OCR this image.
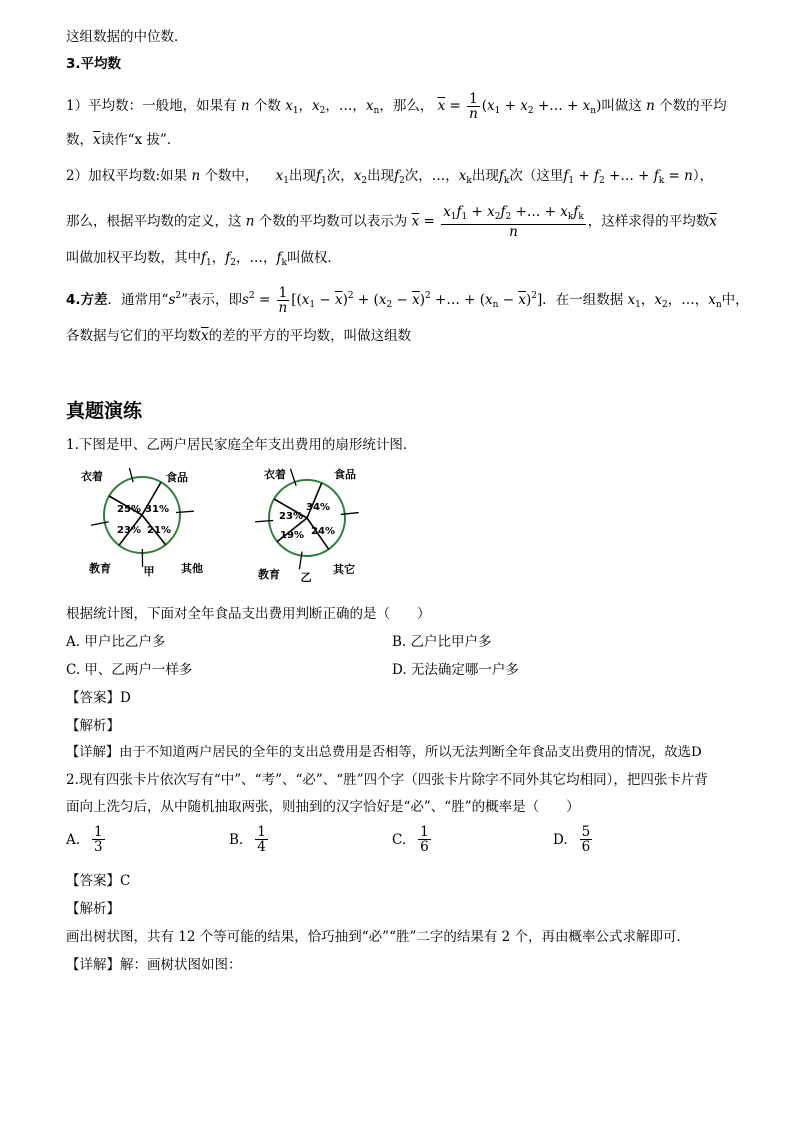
这组数据的中位数．
3.平均数
1）平均数：一般地，如果有 n 个数 $x_1$，$x_2$，…，$x_n$，那么， $\overline{x} = \frac{1}{n} (x_1 + x_2$ +… + $x_n$)叫做这 n 个数的平均
数，$\overline{x}$读作“x 拔”．
2）加权平均数:如果 n 个数中， $x_1$出现$f_1$次，$x_2$出现$f_2$次，…，$x_k$出现$f_k$次（这里$f_1 + f_2$ +… + $f_k = n$），
那么，根据平均数的定义，这 n 个数的平均数可以表示为 $\overline{x} = \frac{x_1f_1 + x_2f_2 +\dots + x_kf_k}{n}$ ，这样求得的平均数$\overline{x}$
叫做加权平均数，其中$f_1$，$f_2$，…，$f_k$叫做权．
4.方差．通常用“$s^2$”表示，即$s^2 = \frac{1}{n} [(x_1 - \overline{x})^2 + (x_2 - \overline{x})^2$ +… + $(x_n - \overline{x})^2$]．在一组数据 $x_1$，$x_2$，…，$x_n$中，
各数据与它们的平均数$\overline{x}$的差的平方的平均数，叫做这组数
真题演练
1.下图是甲、乙两户居民家庭全年支出费用的扇形统计图．
25%
衣着
31%
食品
21%
其他
23%
教育	甲
23%
衣着
34%
食品
24%
其它
19%
教育 乙
根据统计图，下面对全年食品支出费用判断正确的是（　　）
A. 甲户比乙户多	B. 乙户比甲户多
C. 甲、乙两户一样多	D. 无法确定哪一户多
【答案】D
【解析】
【详解】由于不知道两户居民的全年的支出总费用是否相等，所以无法判断全年食品支出费用的情况，故选D
2.现有四张卡片依次写有“中”、“考”、“必”、“胜”四个字（四张卡片除字不同外其它均相同），把四张卡片背
面向上洗匀后，从中随机抽取两张，则抽到的汉字恰好是“必”、“胜”的概率是（　　）
A. $\frac{1}{3}$	B. $\frac{1}{4}$	C. $\frac{1}{6}$	D. $\frac{5}{6}$
【答案】C
【解析】
画出树状图，共有 12 个等可能的结果，恰巧抽到“必”“胜”二字的结果有 2 个，再由概率公式求解即可．
【详解】解：画树状图如图：
